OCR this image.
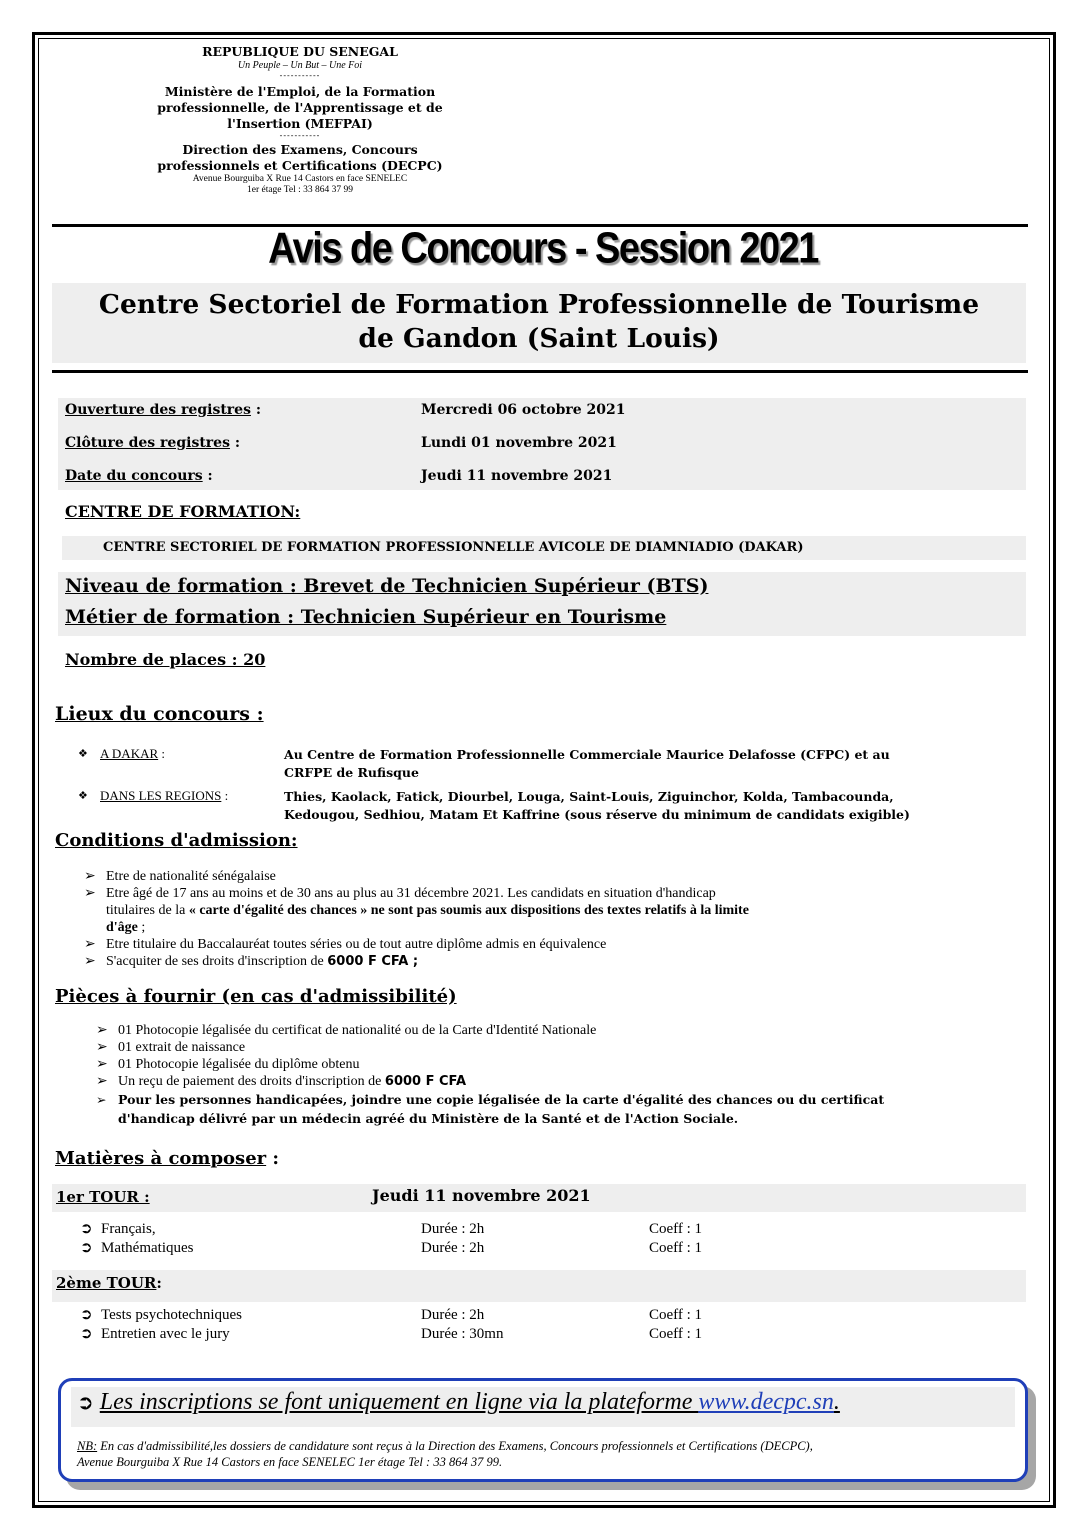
REPUBLIQUE DU SENEGAL
Un Peuple – Un But – Une Foi
-----------
Ministère de l'Emploi, de la Formation
professionnelle, de l'Apprentissage et de
l'Insertion (MEFPAI)
-----------
Direction des Examens, Concours
professionnels et Certifications (DECPC)
Avenue Bourguiba X Rue 14 Castors en face SENELEC
1er étage Tel : 33 864 37 99
Avis de Concours - Session 2021
Centre Sectoriel de Formation Professionnelle de Tourisme
de Gandon (Saint Louis)
Ouverture des registres :	Mercredi 06 octobre 2021
Clôture des registres :	Lundi 01 novembre 2021
Date du concours :	Jeudi 11 novembre 2021
CENTRE DE FORMATION:
CENTRE SECTORIEL DE FORMATION PROFESSIONNELLE AVICOLE DE DIAMNIADIO (DAKAR)
Niveau de formation : Brevet de Technicien Supérieur (BTS)
Métier de formation : Technicien Supérieur en Tourisme
Nombre de places : 20
Lieux du concours :
❖ A DAKAR :	Au Centre de Formation Professionnelle Commerciale Maurice Delafosse (CFPC) et au
CRFPE de Rufisque
❖ DANS LES REGIONS :	Thies, Kaolack, Fatick, Diourbel, Louga, Saint-Louis, Ziguinchor, Kolda, Tambacounda,
Kedougou, Sedhiou, Matam Et Kaffrine (sous réserve du minimum de candidats exigible)
Conditions d'admission:
➢ Etre de nationalité sénégalaise
➢ Etre âgé de 17 ans au moins et de 30 ans au plus au 31 décembre 2021. Les candidats en situation d'handicap
titulaires de la « carte d'égalité des chances » ne sont pas soumis aux dispositions des textes relatifs à la limite
d'âge ;
➢ Etre titulaire du Baccalauréat toutes séries ou de tout autre diplôme admis en équivalence
➢ S'acquiter de ses droits d'inscription de 6000 F CFA ;
Pièces à fournir (en cas d'admissibilité)
➢ 01 Photocopie légalisée du certificat de nationalité ou de la Carte d'Identité Nationale
➢ 01 extrait de naissance
➢ 01 Photocopie légalisée du diplôme obtenu
➢ Un reçu de paiement des droits d'inscription de 6000 F CFA
➢ Pour les personnes handicapées, joindre une copie légalisée de la carte d'égalité des chances ou du certificat
d'handicap délivré par un médecin agréé du Ministère de la Santé et de l'Action Sociale.
Matières à composer :
1er TOUR :	Jeudi 11 novembre 2021
➲ Français,	Durée : 2h	Coeff : 1
➲ Mathématiques	Durée : 2h	Coeff : 1
2ème TOUR:
➲ Tests psychotechniques	Durée : 2h	Coeff : 1
➲ Entretien avec le jury	Durée : 30mn	Coeff : 1
➲ Les inscriptions se font uniquement en ligne via la plateforme www.decpc.sn.
NB: En cas d'admissibilité,les dossiers de candidature sont reçus à la Direction des Examens, Concours professionnels et Certifications (DECPC),
Avenue Bourguiba X Rue 14 Castors en face SENELEC 1er étage Tel : 33 864 37 99.
